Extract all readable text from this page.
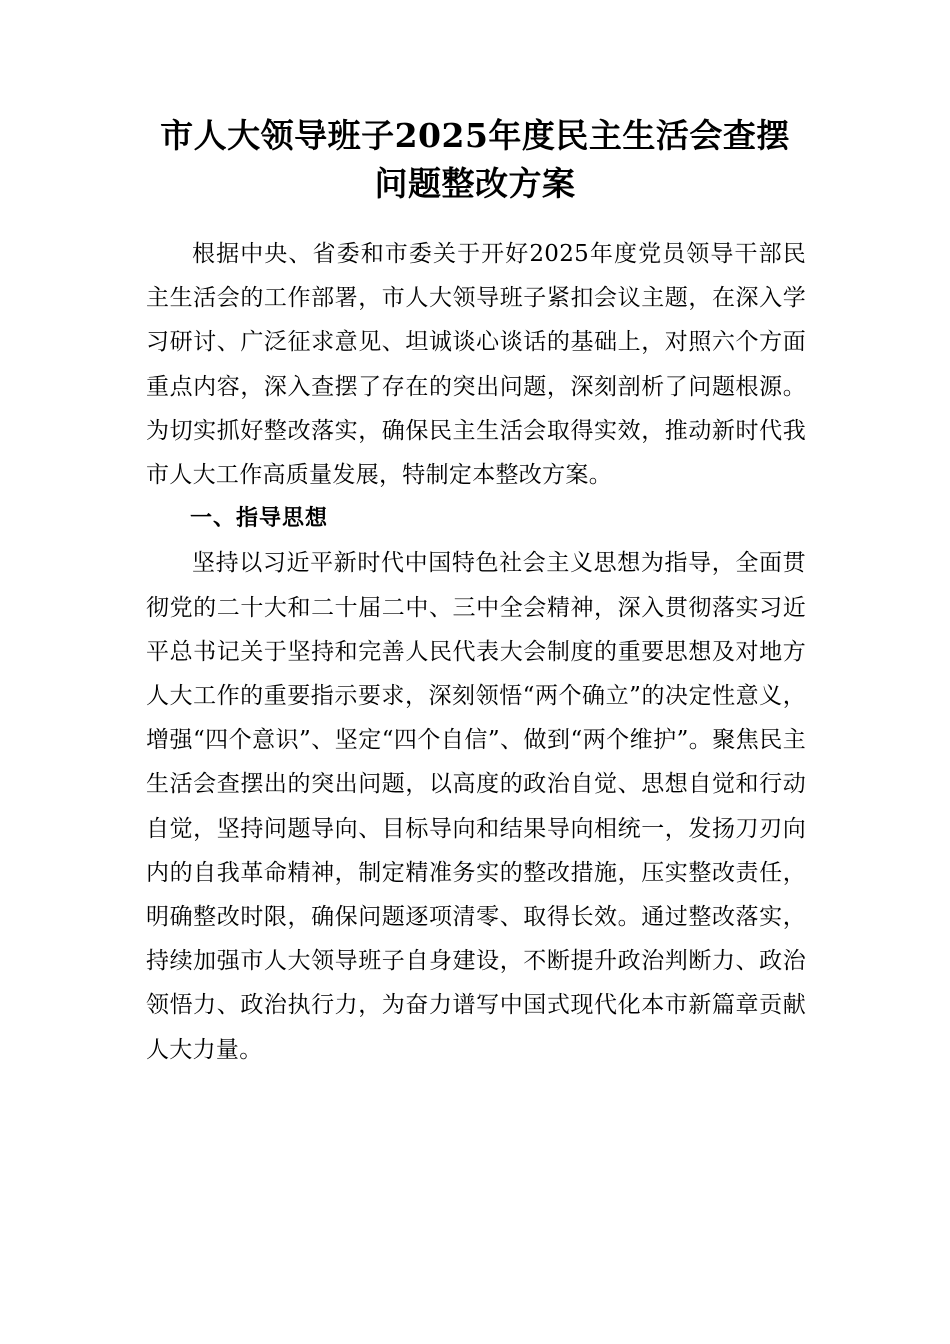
市人大领导班子2025年度民主生活会查摆
问题整改方案

根据中央、省委和市委关于开好2025年度党员领导干部民主生活会的工作部署，市人大领导班子紧扣会议主题，在深入学习研讨、广泛征求意见、坦诚谈心谈话的基础上，对照六个方面重点内容，深入查摆了存在的突出问题，深刻剖析了问题根源。为切实抓好整改落实，确保民主生活会取得实效，推动新时代我市人大工作高质量发展，特制定本整改方案。

一、指导思想

坚持以习近平新时代中国特色社会主义思想为指导，全面贯彻党的二十大和二十届二中、三中全会精神，深入贯彻落实习近平总书记关于坚持和完善人民代表大会制度的重要思想及对地方人大工作的重要指示要求，深刻领悟“两个确立”的决定性意义，增强“四个意识”、坚定“四个自信”、做到“两个维护”。聚焦民主生活会查摆出的突出问题，以高度的政治自觉、思想自觉和行动自觉，坚持问题导向、目标导向和结果导向相统一，发扬刀刃向内的自我革命精神，制定精准务实的整改措施，压实整改责任，明确整改时限，确保问题逐项清零、取得长效。通过整改落实，持续加强市人大领导班子自身建设，不断提升政治判断力、政治领悟力、政治执行力，为奋力谱写中国式现代化本市新篇章贡献人大力量。
